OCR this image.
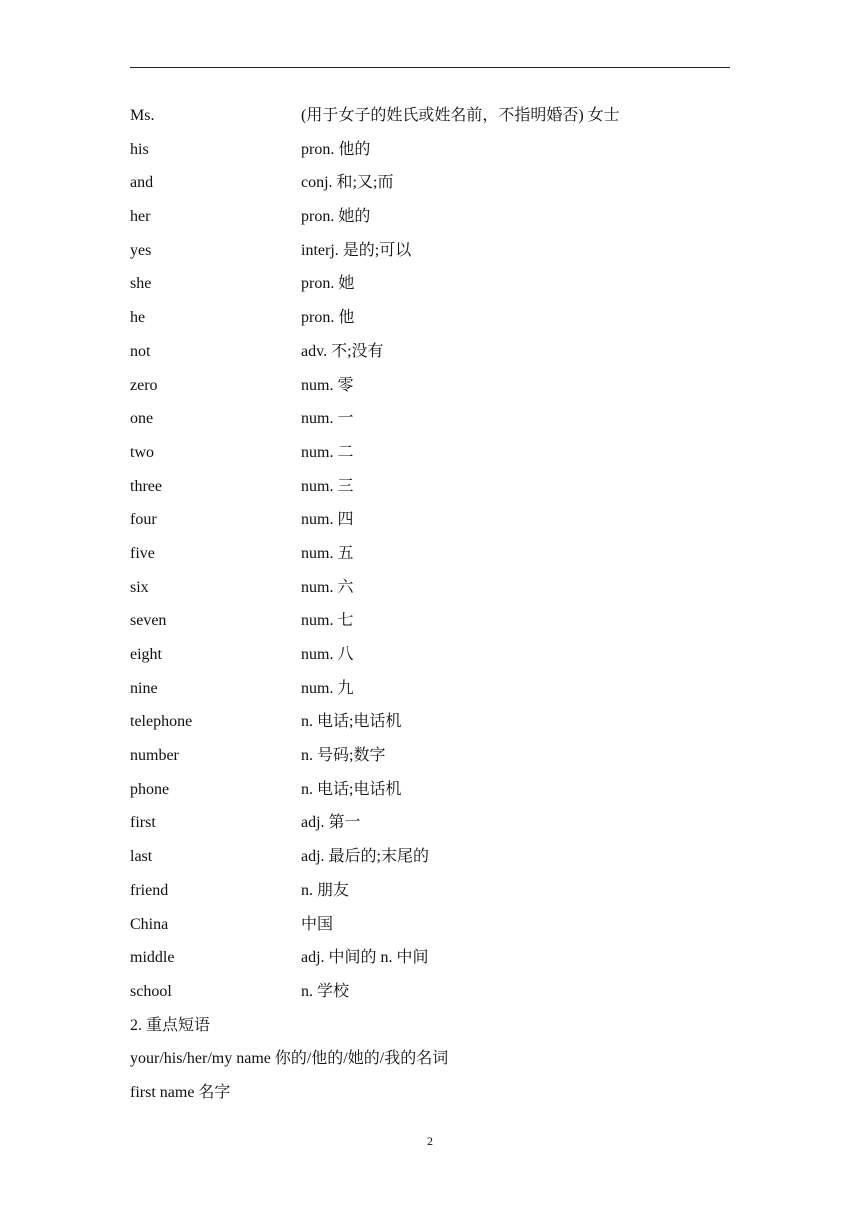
Ms.	(用于女子的姓氏或姓名前，不指明婚否) 女士
his	pron. 他的
and	conj. 和;又;而
her	pron. 她的
yes	interj. 是的;可以
she	pron. 她
he	pron. 他
not	adv. 不;没有
zero	num. 零
one	num. 一
two	num. 二
three	num. 三
four	num. 四
five	num. 五
six	num. 六
seven	num. 七
eight	num. 八
nine	num. 九
telephone	n. 电话;电话机
number	n. 号码;数字
phone	n. 电话;电话机
first	adj. 第一
last	adj. 最后的;末尾的
friend	n. 朋友
China	中国
middle	adj. 中间的 n. 中间
school	n. 学校
2. 重点短语
your/his/her/my name 你的/他的/她的/我的名词
first name 名字
2
